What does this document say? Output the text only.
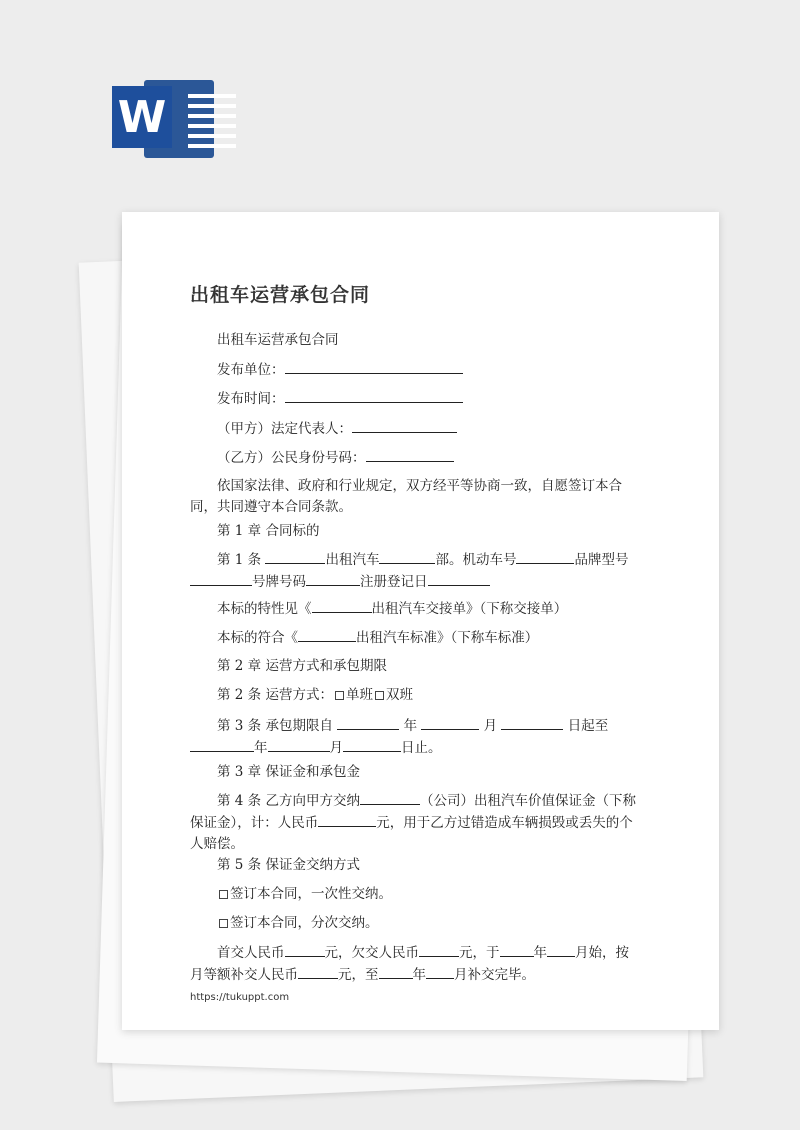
W
出租车运营承包合同
出租车运营承包合同
发布单位：
发布时间：
（甲方）法定代表人：
（乙方）公民身份号码：
依国家法律、政府和行业规定，双方经平等协商一致，自愿签订本合同，共同遵守本合同条款。
第 1 章 合同标的
第 1 条	出租汽车	部。机动车号	品牌型号
号牌号码	注册登记日
本标的特性见《	出租汽车交接单》（下称交接单）
本标的符合《	出租汽车标准》（下称车标准）
第 2 章 运营方式和承包期限
第 2 条 运营方式： 单班 双班
第 3 条 承包期限自	年	月	日起至
年	月	日止。
第 3 章 保证金和承包金
第 4 条 乙方向甲方交纳	（公司）出租汽车价值保证金（下称保证金），计：人民币	元，用于乙方过错造成车辆损毁或丢失的个人赔偿。
第 5 条 保证金交纳方式
签订本合同，一次性交纳。
签订本合同，分次交纳。
首交人民币	元，欠交人民币	元，于	年 月始，按月等额补交人民币	元，至	年 月补交完毕。
https://tukuppt.com
